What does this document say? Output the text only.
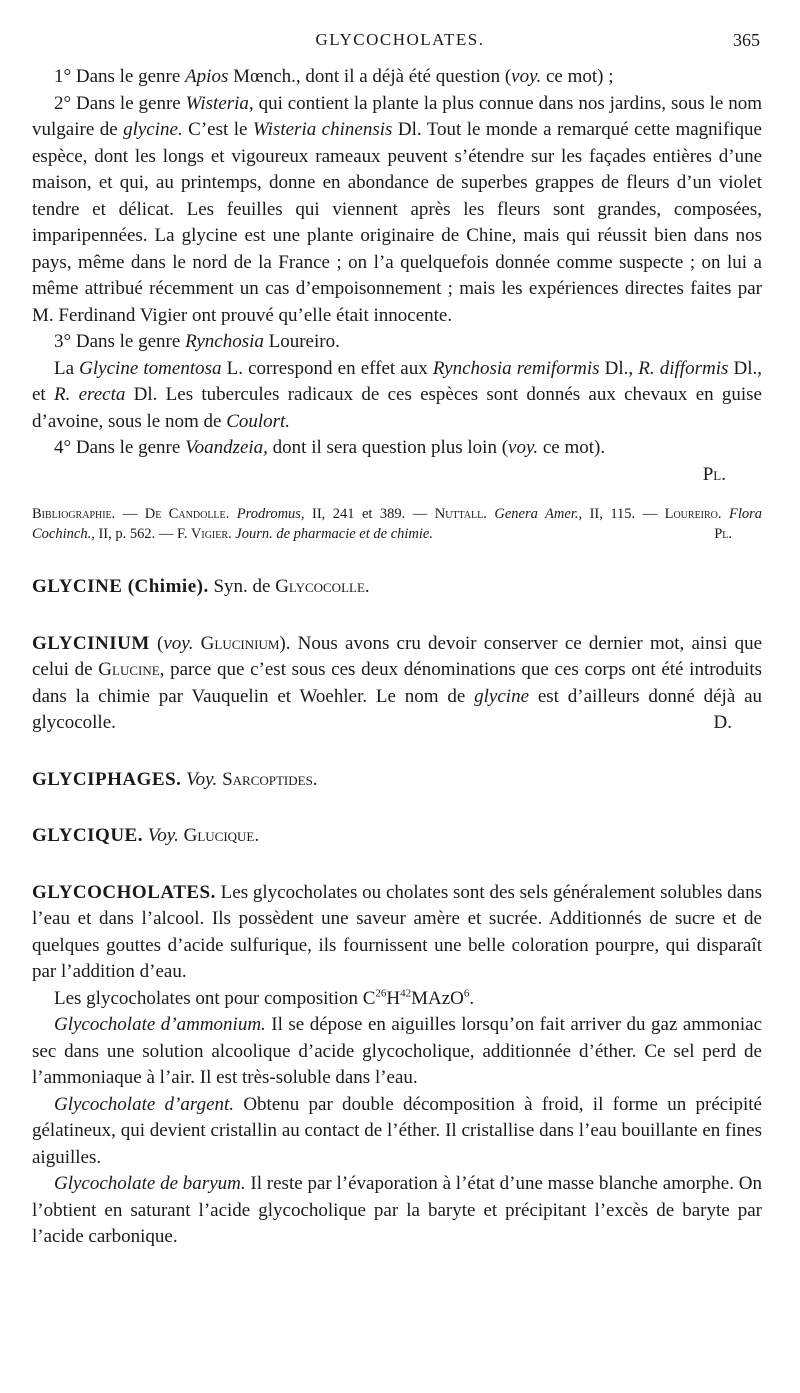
GLYCOCHOLATES.	365

1° Dans le genre Apios Mœnch., dont il a déjà été question (voy. ce mot) ;

2° Dans le genre Wisteria, qui contient la plante la plus connue dans nos jardins, sous le nom vulgaire de glycine. C’est le Wisteria chinensis Dl. Tout le monde a remarqué cette magnifique espèce, dont les longs et vigoureux rameaux peuvent s’étendre sur les façades entières d’une maison, et qui, au printemps, donne en abondance de superbes grappes de fleurs d’un violet tendre et délicat. Les feuilles qui viennent après les fleurs sont grandes, composées, imparipennées. La glycine est une plante originaire de Chine, mais qui réussit bien dans nos pays, même dans le nord de la France ; on l’a quelquefois donnée comme suspecte ; on lui a même attribué récemment un cas d’empoisonnement ; mais les expériences directes faites par M. Ferdinand Vigier ont prouvé qu’elle était innocente.

3° Dans le genre Rynchosia Loureiro.

La Glycine tomentosa L. correspond en effet aux Rynchosia remiformis Dl., R. difformis Dl., et R. erecta Dl. Les tubercules radicaux de ces espèces sont donnés aux chevaux en guise d’avoine, sous le nom de Coulort.

4° Dans le genre Voandzeia, dont il sera question plus loin (voy. ce mot).

Pl.

Bibliographie. — De Candolle. Prodromus, II, 241 et 389. — Nuttall. Genera Amer., II, 115. — Loureiro. Flora Cochinch., II, p. 562. — F. Vigier. Journ. de pharmacie et de chimie.	Pl.

GLYCINE (Chimie). Syn. de Glycocolle.

GLYCINIUM (voy. Glucinium). Nous avons cru devoir conserver ce dernier mot, ainsi que celui de Glucine, parce que c’est sous ces deux dénominations que ces corps ont été introduits dans la chimie par Vauquelin et Woehler. Le nom de glycine est d’ailleurs donné déjà au glycocolle.	D.

GLYCIPHAGES. Voy. Sarcoptides.

GLYCIQUE. Voy. Glucique.

GLYCOCHOLATES. Les glycocholates ou cholates sont des sels généralement solubles dans l’eau et dans l’alcool. Ils possèdent une saveur amère et sucrée. Additionnés de sucre et de quelques gouttes d’acide sulfurique, ils fournissent une belle coloration pourpre, qui disparaît par l’addition d’eau.

Les glycocholates ont pour composition $C^{26}H^{42}MAzO^6$.

Glycocholate d’ammonium. Il se dépose en aiguilles lorsqu’on fait arriver du gaz ammoniac sec dans une solution alcoolique d’acide glycocholique, additionnée d’éther. Ce sel perd de l’ammoniaque à l’air. Il est très-soluble dans l’eau.

Glycocholate d’argent. Obtenu par double décomposition à froid, il forme un précipité gélatineux, qui devient cristallin au contact de l’éther. Il cristallise dans l’eau bouillante en fines aiguilles.

Glycocholate de baryum. Il reste par l’évaporation à l’état d’une masse blanche amorphe. On l’obtient en saturant l’acide glycocholique par la baryte et précipitant l’excès de baryte par l’acide carbonique.
